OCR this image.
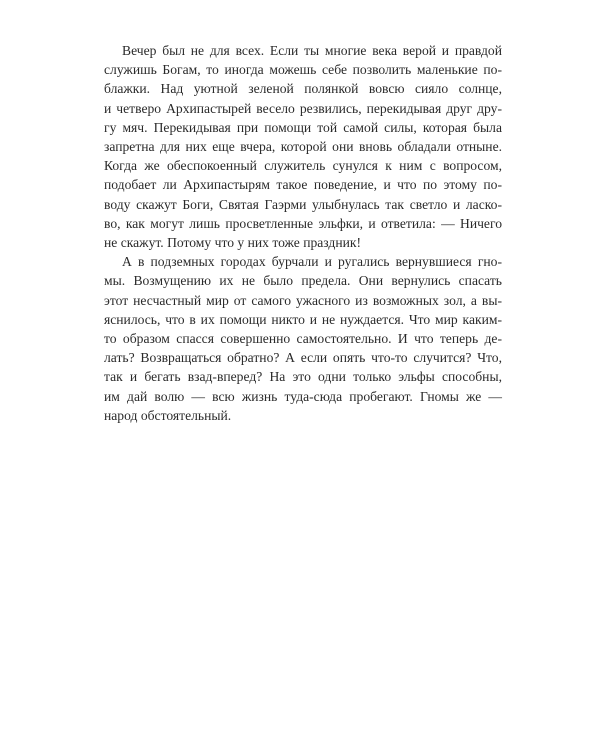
Вечер был не для всех. Если ты многие века верой и правдой
служишь Богам, то иногда можешь себе позволить маленькие по-
блажки. Над уютной зеленой полянкой вовсю сияло солнце,
и четверо Архипастырей весело резвились, перекидывая друг дру-
гу мяч. Перекидывая при помощи той самой силы, которая была
запретна для них еще вчера, которой они вновь обладали отныне.
Когда же обеспокоенный служитель сунулся к ним с вопросом,
подобает ли Архипастырям такое поведение, и что по этому по-
воду скажут Боги, Святая Гаэрми улыбнулась так светло и ласко-
во, как могут лишь просветленные эльфки, и ответила: — Ничего
не скажут. Потому что у них тоже праздник!
А в подземных городах бурчали и ругались вернувшиеся гно-
мы. Возмущению их не было предела. Они вернулись спасать
этот несчастный мир от самого ужасного из возможных зол, а вы-
яснилось, что в их помощи никто и не нуждается. Что мир каким-
то образом спасся совершенно самостоятельно. И что теперь де-
лать? Возвращаться обратно? А если опять что-то случится? Что,
так и бегать взад-вперед? На это одни только эльфы способны,
им дай волю — всю жизнь туда-сюда пробегают. Гномы же —
народ обстоятельный.
